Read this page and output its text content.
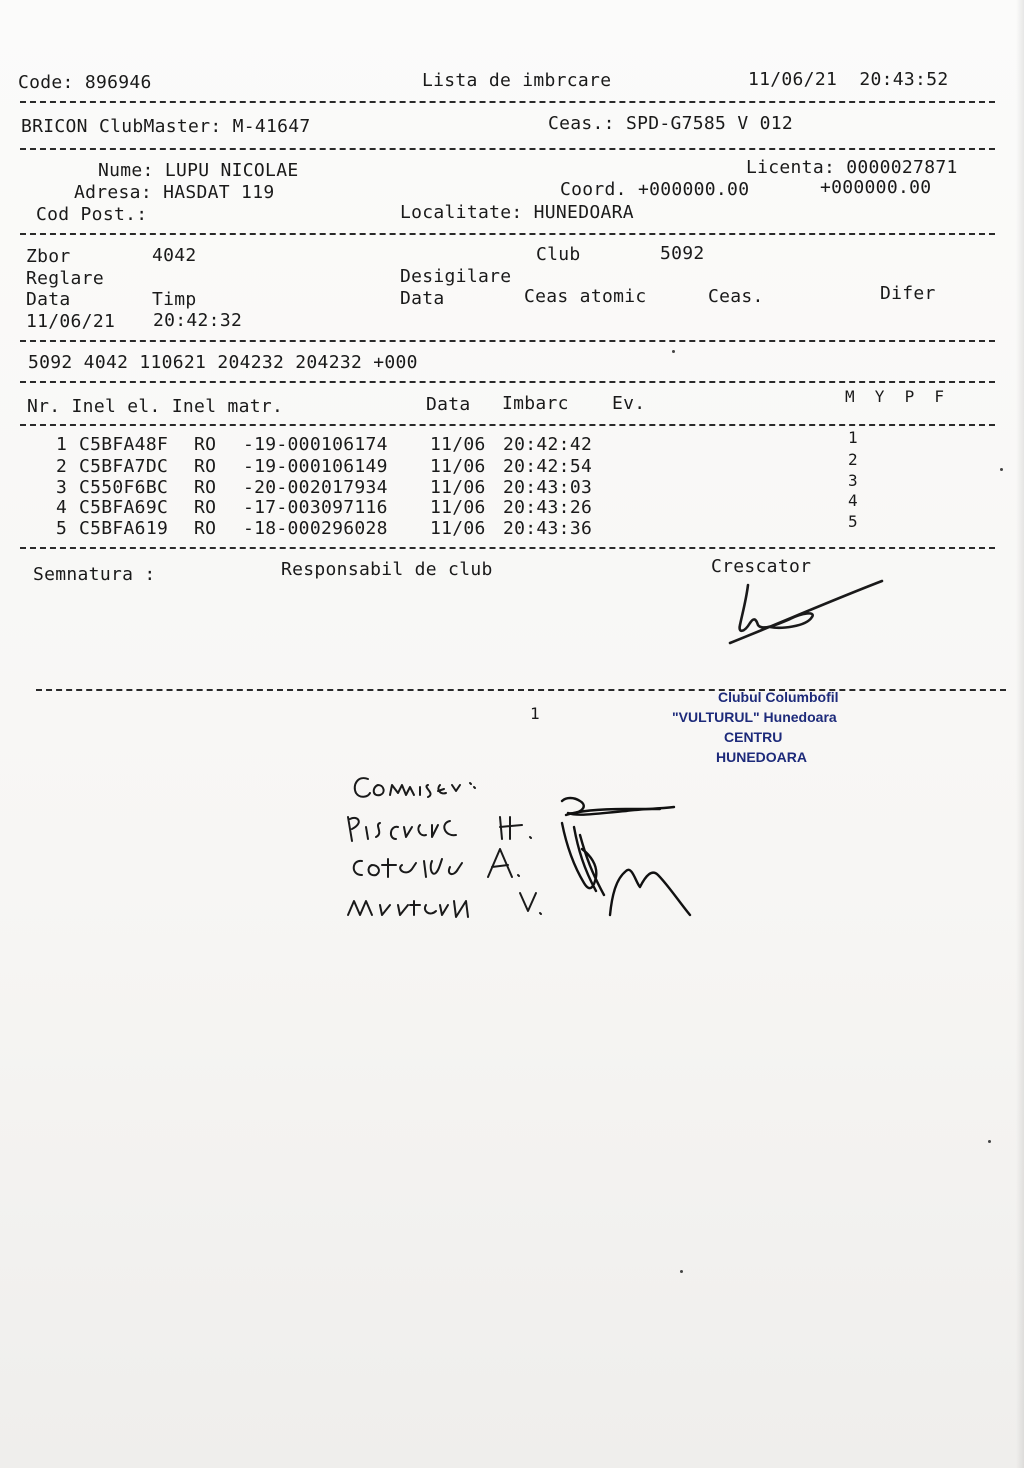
Code: 896946	Lista de imbrcare	11/06/21  20:43:52
BRICON ClubMaster: M-41647	Ceas.: SPD-G7585 V 012
Nume: LUPU NICOLAE	Licenta: 0000027871
Adresa: HASDAT 119	Coord. +000000.00	+000000.00
Cod Post.:	Localitate: HUNEDOARA
Zbor	4042	Club	5092
Reglare	Desigilare
Data	Timp	Data	Ceas atomic	Ceas.	Difer
11/06/21 20:42:32
5092 4042 110621 204232 204232 +000
Nr. Inel el. Inel matr.	Data Imbarc Ev.	M  Y  P  F
1 C5BFA48F RO -19-000106174 11/06 20:42:42	1
2 C5BFA7DC RO -19-000106149 11/06 20:42:54	2
3 C550F6BC RO -20-002017934 11/06 20:43:03	3
4 C5BFA69C RO -17-003097116 11/06 20:43:26	4
5 C5BFA619 RO -18-000296028 11/06 20:43:36	5
Semnatura :	Responsabil de club	Crescator
1
Clubul Columbofil
"VULTURUL" Hunedoara
CENTRU
HUNEDOARA
